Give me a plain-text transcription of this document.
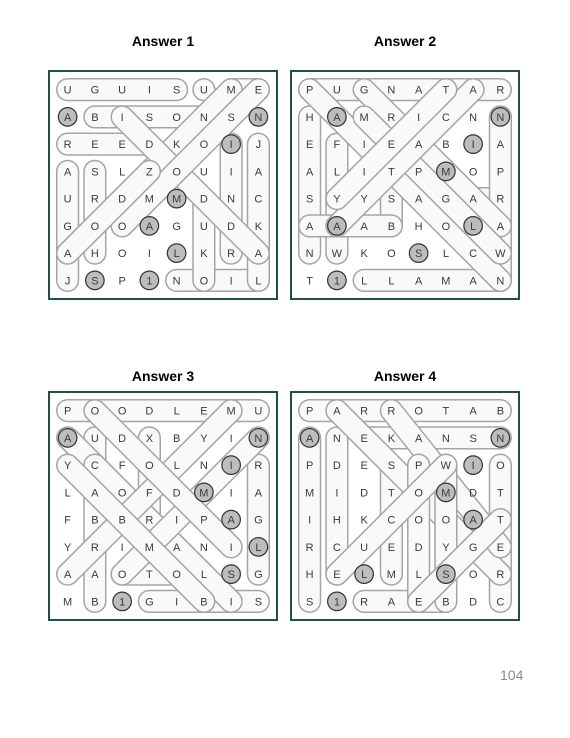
Answer 1
U G U I S U M E
A B I S O N S N
R E E D K O I J
A S L Z O U I A
U R D M M D N C
G O O A G U D K
A H O I L K R A
J S P 1 N O I L
Answer 2
P U G N A T A R
H A M R I C N N
E F I E A B I A
A L I T P M O P
S Y Y S A G A R
A A A B H O L A
N W K O S L C W
T 1 L L A M A N
Answer 3
P O O D L E M U
A U D X B Y I N
Y C F O L N I R
L A O F D M I A
F B B R I P A G
Y R I M A N I L
A A O T O L S G
M B 1 G I B I S
Answer 4
P A R R O T A B
A N E K A N S N
P D E S P W I O
M I D T O M D T
I H K C O O A T
R C U E D Y G E
H E L M L S O R
S 1 R A E B D C
104
